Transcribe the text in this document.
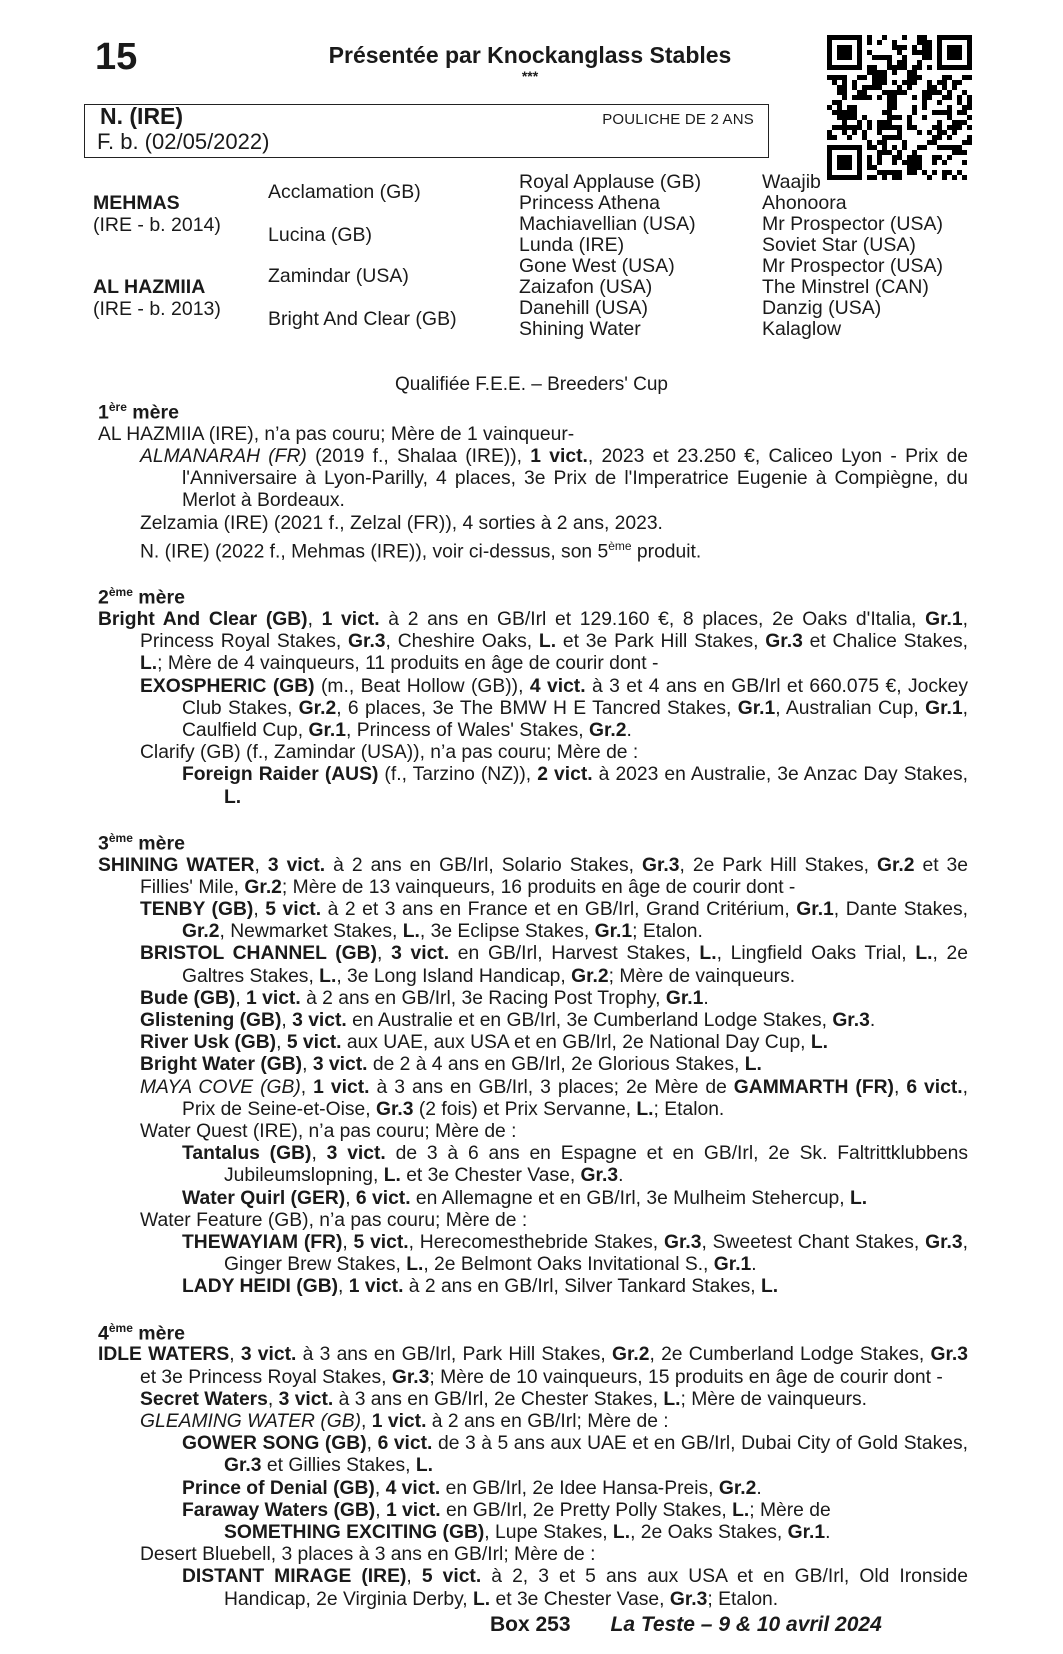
15	Présentée par Knockanglass Stables
***
N. (IRE)	POULICHE DE 2 ANS
F. b. (02/05/2022)
MEHMAS
(IRE - b. 2014)
AL HAZMIIA
(IRE - b. 2013)
Acclamation (GB)
Lucina (GB)
Zamindar (USA)
Bright And Clear (GB)
Royal Applause (GB)
Princess Athena
Machiavellian (USA)
Lunda (IRE)
Gone West (USA)
Zaizafon (USA)
Danehill (USA)
Shining Water
Waajib
Ahonoora
Mr Prospector (USA)
Soviet Star (USA)
Mr Prospector (USA)
The Minstrel (CAN)
Danzig (USA)
Kalaglow
Qualifiée F.E.E. – Breeders' Cup
1ère mère

AL HAZMIIA (IRE), n’a pas couru; Mère de 1 vainqueur-

ALMANARAH (FR) (2019 f., Shalaa (IRE)), 1 vict., 2023 et 23.250 €, Caliceo Lyon - Prix de l'Anniversaire à Lyon-Parilly, 4 places, 3e Prix de l'Imperatrice Eugenie à Compiègne, du Merlot à Bordeaux.

Zelzamia (IRE) (2021 f., Zelzal (FR)), 4 sorties à 2 ans, 2023.

N. (IRE) (2022 f., Mehmas (IRE)), voir ci-dessus, son 5ème produit.

2ème mère

Bright And Clear (GB), 1 vict. à 2 ans en GB/Irl et 129.160 €, 8 places, 2e Oaks d'Italia, Gr.1, Princess Royal Stakes, Gr.3, Cheshire Oaks, L. et 3e Park Hill Stakes, Gr.3 et Chalice Stakes, L.; Mère de 4 vainqueurs, 11 produits en âge de courir dont -

EXOSPHERIC (GB) (m., Beat Hollow (GB)), 4 vict. à 3 et 4 ans en GB/Irl et 660.075 €, Jockey Club Stakes, Gr.2, 6 places, 3e The BMW H E Tancred Stakes, Gr.1, Australian Cup, Gr.1, Caulfield Cup, Gr.1, Princess of Wales' Stakes, Gr.2.

Clarify (GB) (f., Zamindar (USA)), n’a pas couru; Mère de :

Foreign Raider (AUS) (f., Tarzino (NZ)), 2 vict. à 2023 en Australie, 3e Anzac Day Stakes, L.

3ème mère

SHINING WATER, 3 vict. à 2 ans en GB/Irl, Solario Stakes, Gr.3, 2e Park Hill Stakes, Gr.2 et 3e Fillies' Mile, Gr.2; Mère de 13 vainqueurs, 16 produits en âge de courir dont -

TENBY (GB), 5 vict. à 2 et 3 ans en France et en GB/Irl, Grand Critérium, Gr.1, Dante Stakes, Gr.2, Newmarket Stakes, L., 3e Eclipse Stakes, Gr.1; Etalon.

BRISTOL CHANNEL (GB), 3 vict. en GB/Irl, Harvest Stakes, L., Lingfield Oaks Trial, L., 2e Galtres Stakes, L., 3e Long Island Handicap, Gr.2; Mère de vainqueurs.

Bude (GB), 1 vict. à 2 ans en GB/Irl, 3e Racing Post Trophy, Gr.1.

Glistening (GB), 3 vict. en Australie et en GB/Irl, 3e Cumberland Lodge Stakes, Gr.3.

River Usk (GB), 5 vict. aux UAE, aux USA et en GB/Irl, 2e National Day Cup, L.

Bright Water (GB), 3 vict. de 2 à 4 ans en GB/Irl, 2e Glorious Stakes, L.

MAYA COVE (GB), 1 vict. à 3 ans en GB/Irl, 3 places; 2e Mère de GAMMARTH (FR), 6 vict., Prix de Seine-et-Oise, Gr.3 (2 fois) et Prix Servanne, L.; Etalon.

Water Quest (IRE), n’a pas couru; Mère de :

Tantalus (GB), 3 vict. de 3 à 6 ans en Espagne et en GB/Irl, 2e Sk. Faltrittklubbens Jubileumslopning, L. et 3e Chester Vase, Gr.3.

Water Quirl (GER), 6 vict. en Allemagne et en GB/Irl, 3e Mulheim Stehercup, L.

Water Feature (GB), n’a pas couru; Mère de :

THEWAYIAM (FR), 5 vict., Herecomesthebride Stakes, Gr.3, Sweetest Chant Stakes, Gr.3, Ginger Brew Stakes, L., 2e Belmont Oaks Invitational S., Gr.1.

LADY HEIDI (GB), 1 vict. à 2 ans en GB/Irl, Silver Tankard Stakes, L.

4ème mère

IDLE WATERS, 3 vict. à 3 ans en GB/Irl, Park Hill Stakes, Gr.2, 2e Cumberland Lodge Stakes, Gr.3 et 3e Princess Royal Stakes, Gr.3; Mère de 10 vainqueurs, 15 produits en âge de courir dont -

Secret Waters, 3 vict. à 3 ans en GB/Irl, 2e Chester Stakes, L.; Mère de vainqueurs.

GLEAMING WATER (GB), 1 vict. à 2 ans en GB/Irl; Mère de :

GOWER SONG (GB), 6 vict. de 3 à 5 ans aux UAE et en GB/Irl, Dubai City of Gold Stakes, Gr.3 et Gillies Stakes, L.

Prince of Denial (GB), 4 vict. en GB/Irl, 2e Idee Hansa-Preis, Gr.2.

Faraway Waters (GB), 1 vict. en GB/Irl, 2e Pretty Polly Stakes, L.; Mère de

SOMETHING EXCITING (GB), Lupe Stakes, L., 2e Oaks Stakes, Gr.1.

Desert Bluebell, 3 places à 3 ans en GB/Irl; Mère de :

DISTANT MIRAGE (IRE), 5 vict. à 2, 3 et 5 ans aux USA et en GB/Irl, Old Ironside Handicap, 2e Virginia Derby, L. et 3e Chester Vase, Gr.3; Etalon.

Box 253 La Teste – 9 & 10 avril 2024
